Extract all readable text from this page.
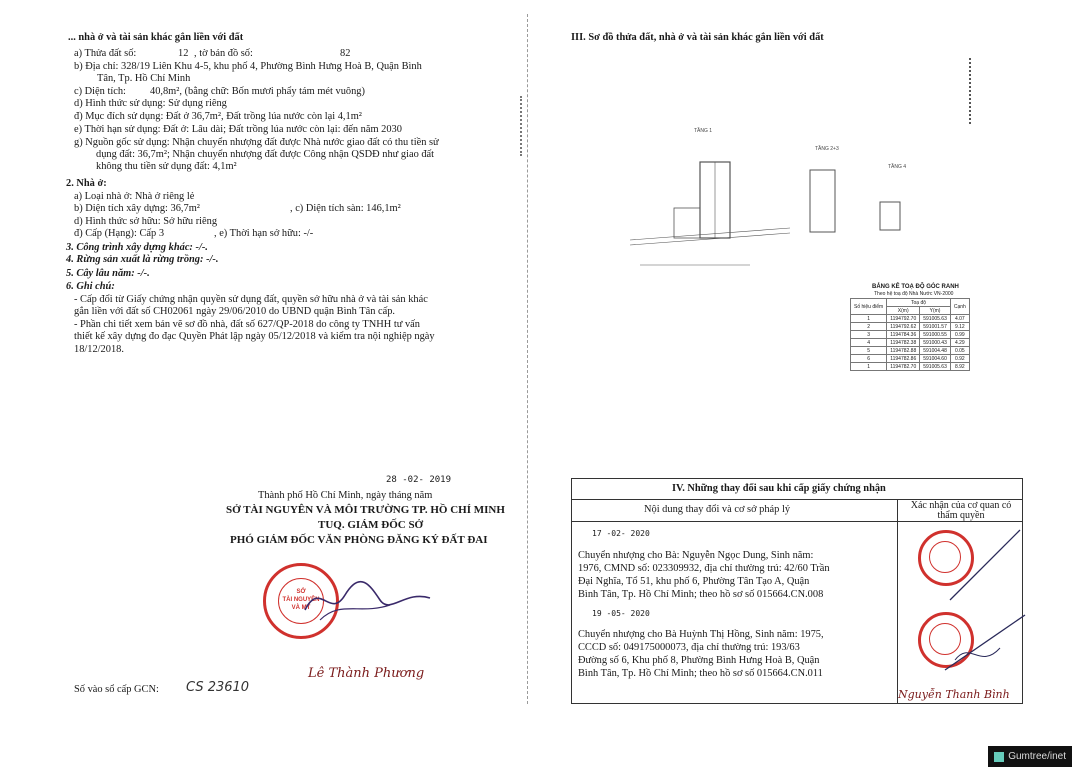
... nhà ở và tài sản khác gắn liền với đất
a) Thửa đất số:	12 , tờ bản đồ số:	82
b) Địa chỉ: 328/19 Liên Khu 4-5, khu phố 4, Phường Bình Hưng Hoà B, Quận Bình
Tân, Tp. Hồ Chí Minh
c) Diện tích: 40,8m², (bằng chữ: Bốn mươi phẩy tám mét vuông)
d) Hình thức sử dụng: Sử dụng riêng
đ) Mục đích sử dụng: Đất ở 36,7m², Đất trồng lúa nước còn lại 4,1m²
e) Thời hạn sử dụng: Đất ở: Lâu dài; Đất trồng lúa nước còn lại: đến năm 2030
g) Nguồn gốc sử dụng: Nhận chuyển nhượng đất được Nhà nước giao đất có thu tiền sử
dụng đất: 36,7m²; Nhận chuyển nhượng đất được Công nhận QSDĐ như giao đất
không thu tiền sử dụng đất: 4,1m²
2. Nhà ở:
a) Loại nhà ở: Nhà ở riêng lẻ
b) Diện tích xây dựng: 36,7m²	, c) Diện tích sàn: 146,1m²
d) Hình thức sở hữu: Sở hữu riêng
đ) Cấp (Hạng): Cấp 3	, e) Thời hạn sở hữu: -/-
3. Công trình xây dựng khác: -/-.
4. Rừng sản xuất là rừng trồng: -/-.
5. Cây lâu năm: -/-.
6. Ghi chú:
- Cấp đổi từ Giấy chứng nhận quyền sử dụng đất, quyền sở hữu nhà ở và tài sản khác
gắn liền với đất số CH02061 ngày 29/06/2010 do UBND quận Bình Tân cấp.
- Phần chi tiết xem bản vẽ sơ đồ nhà, đất số 627/QP-2018 do công ty TNHH tư vấn
thiết kế xây dựng đo đạc Quyền Phát lập ngày 05/12/2018 và kiểm tra nội nghiệp ngày
18/12/2018.
28 -02- 2019
Thành phố Hồ Chí Minh, ngày tháng năm
SỞ TÀI NGUYÊN VÀ MÔI TRƯỜNG TP. HỒ CHÍ MINH
TUQ. GIÁM ĐỐC SỞ
PHÓ GIÁM ĐỐC VĂN PHÒNG ĐĂNG KÝ ĐẤT ĐAI
SỞ
TÀI NGUYÊN
VÀ MT
Lê Thành Phương
Số vào sổ cấp GCN: CS 23610
III. Sơ đồ thửa đất, nhà ở và tài sản khác gắn liền với đất
TẦNG 1
TẦNG 2+3
TẦNG 4
BẢNG KÊ TOẠ ĐỘ GÓC RANH
Theo hệ toạ độ Nhà Nước VN-2000
Số hiệu điểm	Toạ độ		Cạnh
	X(m)	Y(m)	
1	1194792.70	591005.63	4.07
2	1194792.62	591001.57	9.12
3	1194784.36	591000.55	0.99
4	1194782.38	591000.43	4.29
5	1194782.88	591004.48	0.05
6	1194782.86	591004.60	0.92
1	1194782.70	591005.63	8.92
IV. Những thay đổi sau khi cấp giấy chứng nhận
Nội dung thay đổi và cơ sở pháp lý	Xác nhận của cơ quan có thẩm quyền
17 -02- 2020
Chuyển nhượng cho Bà: Nguyễn Ngọc Dung, Sinh năm:
1976, CMND số: 023309932, địa chỉ thường trú: 42/60 Trần
Đại Nghĩa, Tổ 51, khu phố 6, Phường Tân Tạo A, Quận
Bình Tân, Tp. Hồ Chí Minh; theo hồ sơ số 015664.CN.008
19 -05- 2020
Chuyển nhượng cho Bà Huỳnh Thị Hồng, Sinh năm: 1975,
CCCD số: 049175000073, địa chỉ thường trú: 193/63
Đường số 6, Khu phố 8, Phường Bình Hưng Hoà B, Quận
Bình Tân, Tp. Hồ Chí Minh; theo hồ sơ số 015664.CN.011
Nguyễn Thanh Bình
Gumtree/inet
